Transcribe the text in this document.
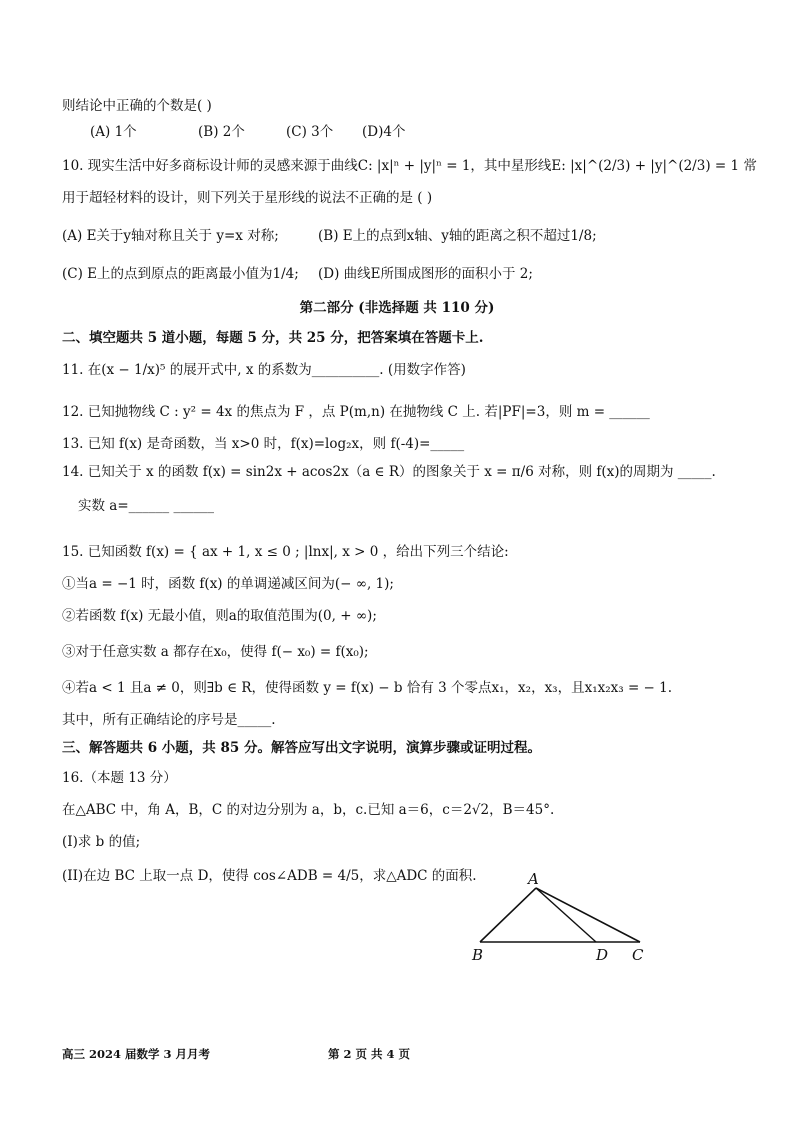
则结论中正确的个数是( )
(A) 1个	(B) 2个	(C) 3个 (D)4个
10. 现实生活中好多商标设计师的灵感来源于曲线C: |x|ⁿ + |y|ⁿ = 1，其中星形线E: |x|^(2/3) + |y|^(2/3) = 1 常
用于超轻材料的设计，则下列关于星形线的说法不正确的是 ( )
(A) E关于y轴对称且关于 y=x 对称;	(B) E上的点到x轴、y轴的距离之积不超过1/8;
(C) E上的点到原点的距离最小值为1/4; (D) 曲线E所围成图形的面积小于 2;
第二部分 (非选择题 共 110 分)
二、填空题共 5 道小题，每题 5 分，共 25 分，把答案填在答题卡上.
11. 在(x − 1/x)⁵ 的展开式中, x 的系数为__________. (用数字作答)
12. 已知抛物线 C : y² = 4x 的焦点为 F ，点 P(m,n) 在抛物线 C 上. 若|PF|=3，则 m = ______
13. 已知 f(x) 是奇函数，当 x>0 时，f(x)=log₂x，则 f(-4)=_____
14. 已知关于 x 的函数 f(x) = sin2x + acos2x（a ∈ R）的图象关于 x = π/6 对称，则 f(x)的周期为 _____.
实数 a=______ ______
15. 已知函数 f(x) = { ax + 1, x ≤ 0 ; |lnx|, x > 0 ，给出下列三个结论:
①当a = −1 时，函数 f(x) 的单调递减区间为(− ∞, 1);
②若函数 f(x) 无最小值，则a的取值范围为(0, + ∞);
③对于任意实数 a 都存在x₀，使得 f(− x₀) = f(x₀);
④若a < 1 且a ≠ 0，则∃b ∈ R，使得函数 y = f(x) − b 恰有 3 个零点x₁，x₂，x₃，且x₁x₂x₃ = − 1.
其中，所有正确结论的序号是_____.
三、解答题共 6 小题，共 85 分。解答应写出文字说明，演算步骤或证明过程。
16.（本题 13 分）
在△ABC 中，角 A，B，C 的对边分别为 a，b，c.已知 a＝6，c＝2√2，B＝45°.
(I)求 b 的值;
(II)在边 BC 上取一点 D，使得 cos∠ADB = 4/5，求△ADC 的面积.	A
B	D C
高三 2024 届数学 3 月月考	第 2 页 共 4 页
